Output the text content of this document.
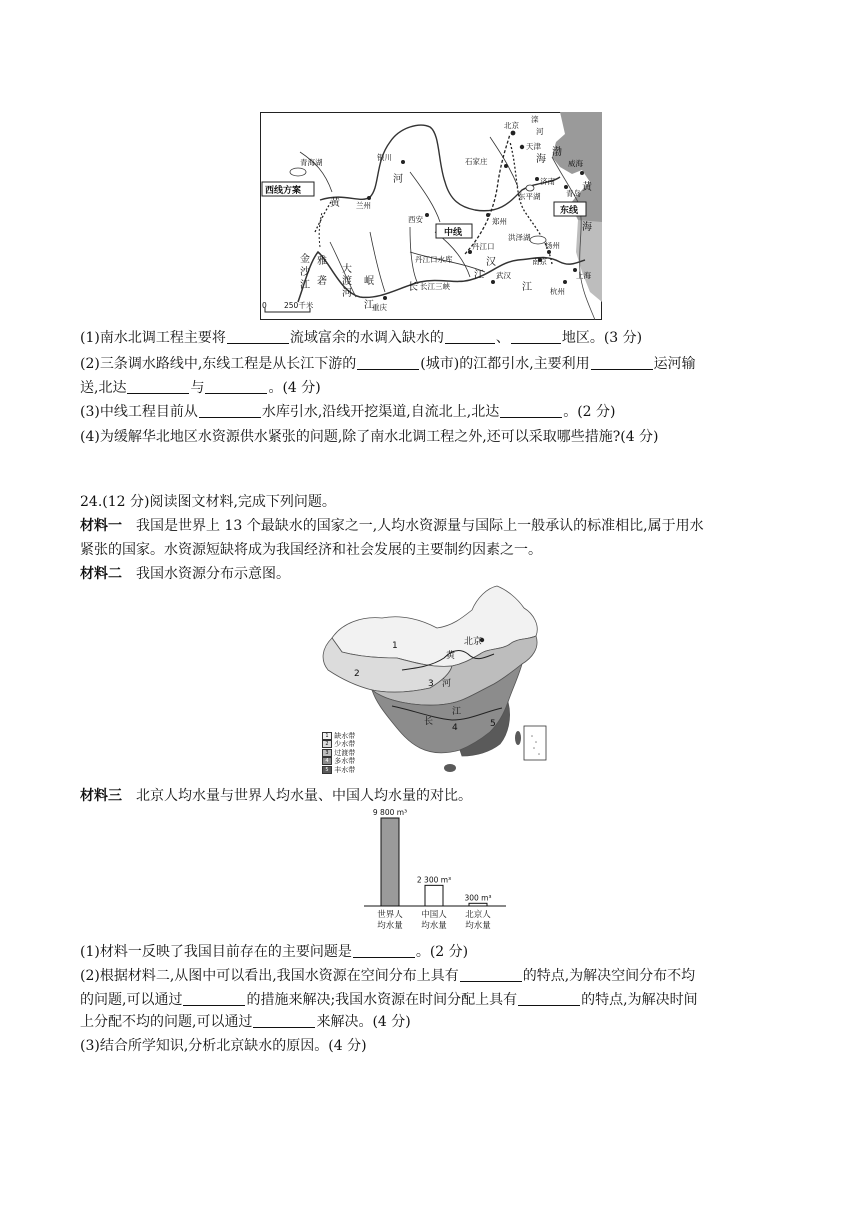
北京
天津
滦
河
青海湖
银川	石家庄	威海
济南
东平湖	青岛
兰州
西安	郑州
洪泽湖
扬州
丹江口
丹江口水库	南京
重庆
长江三峡
武汉	上海
杭州
0 250千米
河
渤
海
黄
黄
海
汉
金
沙
江
雅
砻
大
渡
河
岷
江
长
江
江
西线方案
中线
东线
(1)南水北调工程主要将	流域富余的水调入缺水的	、	地区。(3 分)
(2)三条调水路线中,东线工程是从长江下游的	(城市)的江都引水,主要利用	运河输
送,北达	与	。(4 分)
(3)中线工程目前从	水库引水,沿线开挖渠道,自流北上,北达	。(2 分)
(4)为缓解华北地区水资源供水紧张的问题,除了南水北调工程之外,还可以采取哪些措施?(4 分)
24.(12 分)阅读图文材料,完成下列问题。
材料一 我国是世界上 13 个最缺水的国家之一,人均水资源量与国际上一般承认的标准相比,属于用水
紧张的国家。水资源短缺将成为我国经济和社会发展的主要制约因素之一。
材料二 我国水资源分布示意图。
北京
黄
河
长
江
1
2
3
4	5
1 缺水带
2 少水带
3 过渡带
4 多水带
5 丰水带
材料三 北京人均水量与世界人均水量、中国人均水量的对比。
9 800 m³
世界人
均水量
2 300 m³
中国人
均水量
300 m³
北京人
均水量
(1)材料一反映了我国目前存在的主要问题是	。(2 分)
(2)根据材料二,从图中可以看出,我国水资源在空间分布上具有	的特点,为解决空间分布不均
的问题,可以通过	的措施来解决;我国水资源在时间分配上具有	的特点,为解决时间
上分配不均的问题,可以通过	来解决。(4 分)
(3)结合所学知识,分析北京缺水的原因。(4 分)
